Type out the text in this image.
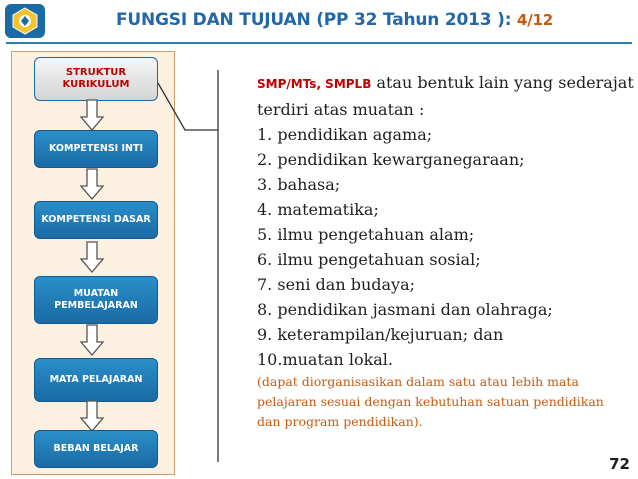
FUNGSI DAN TUJUAN (PP 32 Tahun 2013 ): 4/12
STRUKTUR KURIKULUM
KOMPETENSI INTI
KOMPETENSI DASAR
MUATAN PEMBELAJARAN
MATA PELAJARAN
BEBAN BELAJAR
SMP/MTs, SMPLB atau bentuk lain yang sederajat terdiri atas muatan :
1. pendidikan agama;
2. pendidikan kewarganegaraan;
3. bahasa;
4. matematika;
5. ilmu pengetahuan alam;
6. ilmu pengetahuan sosial;
7. seni dan budaya;
8. pendidikan jasmani dan olahraga;
9. keterampilan/kejuruan; dan
10.muatan lokal.
(dapat diorganisasikan dalam satu atau lebih mata pelajaran sesuai dengan kebutuhan satuan pendidikan dan program pendidikan).
72
